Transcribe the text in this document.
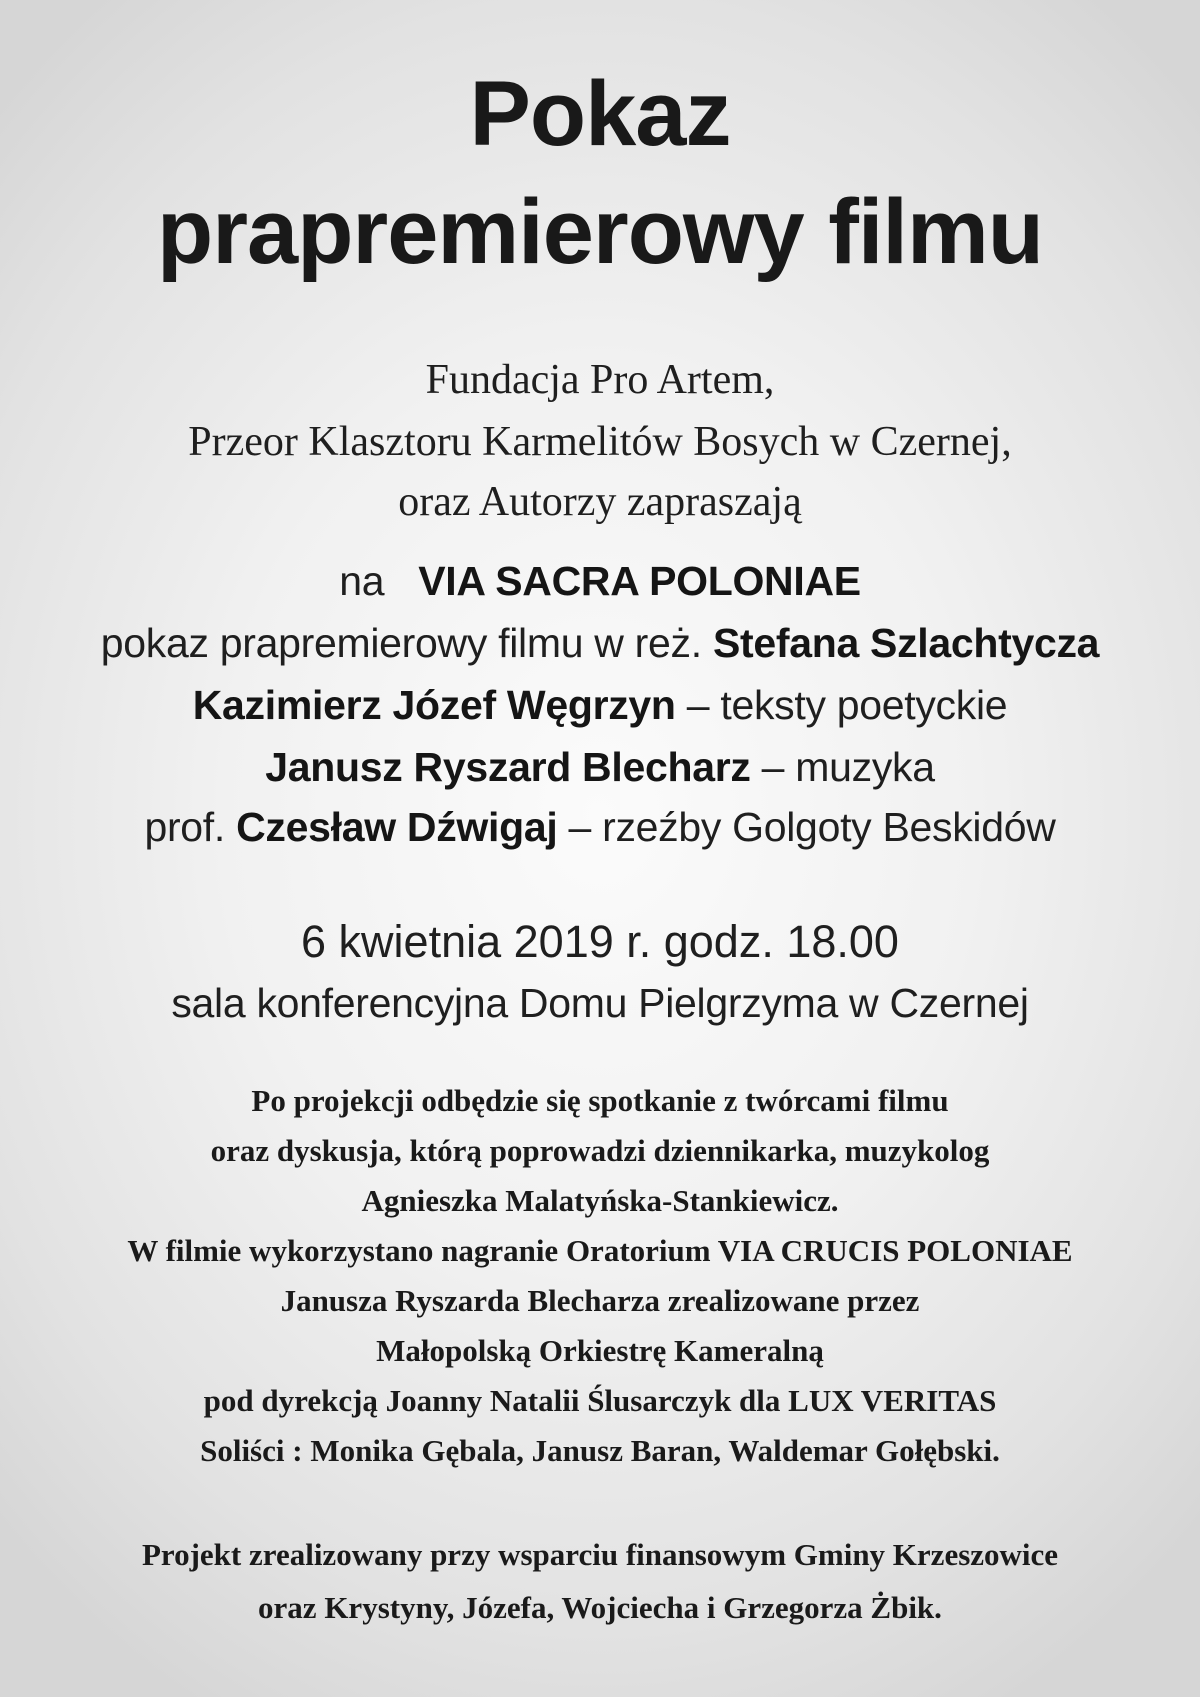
Pokaz
prapremierowy filmu

Fundacja Pro Artem,

Przeor Klasztoru Karmelitów Bosych w Czernej,

oraz Autorzy zapraszają

na VIA SACRA POLONIAE

pokaz prapremierowy filmu w reż. Stefana Szlachtycza

Kazimierz Józef Węgrzyn – teksty poetyckie

Janusz Ryszard Blecharz – muzyka

prof. Czesław Dźwigaj – rzeźby Golgoty Beskidów

6 kwietnia 2019 r. godz. 18.00

sala konferencyjna Domu Pielgrzyma w Czernej

Po projekcji odbędzie się spotkanie z twórcami filmu

oraz dyskusja, którą poprowadzi dziennikarka, muzykolog

Agnieszka Malatyńska-Stankiewicz.

W filmie wykorzystano nagranie Oratorium VIA CRUCIS POLONIAE

Janusza Ryszarda Blecharza zrealizowane przez

Małopolską Orkiestrę Kameralną

pod dyrekcją Joanny Natalii Ślusarczyk dla LUX VERITAS

Soliści : Monika Gębala, Janusz Baran, Waldemar Gołębski.

Projekt zrealizowany przy wsparciu finansowym Gminy Krzeszowice

oraz Krystyny, Józefa, Wojciecha i Grzegorza Żbik.
